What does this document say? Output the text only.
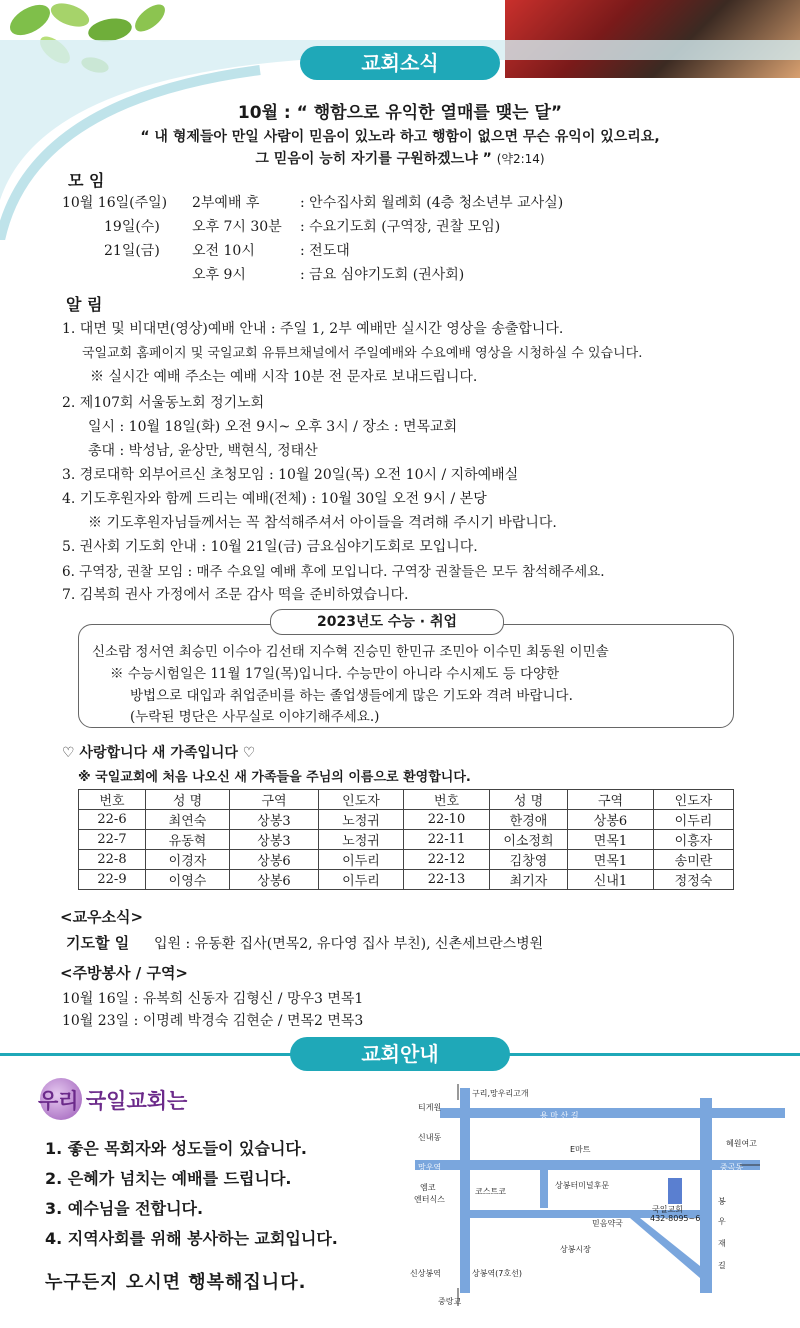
교회소식
10월 : “ 행함으로 유익한 열매를 맺는 달”
“ 내 형제들아 만일 사람이 믿음이 있노라 하고 행함이 없으면 무슨 유익이 있으리요,
그 믿음이 능히 자기를 구원하겠느냐 ” (약2:14)
모 임
10월 16일(주일) 2부예배 후	: 안수집사회 월례회 (4층 청소년부 교사실)
19일(수) 오후 7시 30분 : 수요기도회 (구역장, 권찰 모임)
21일(금) 오전 10시	: 전도대
오후 9시	: 금요 심야기도회 (권사회)
알 림
1. 대면 및 비대면(영상)예배 안내 : 주일 1, 2부 예배만 실시간 영상을 송출합니다.
국일교회 홈페이지 및 국일교회 유튜브채널에서 주일예배와 수요예배 영상을 시청하실 수 있습니다.
※ 실시간 예배 주소는 예배 시작 10분 전 문자로 보내드립니다.
2. 제107회 서울동노회 정기노회
일시 : 10월 18일(화) 오전 9시~ 오후 3시 / 장소 : 면목교회
총대 : 박성남, 윤상만, 백현식, 정태산
3. 경로대학 외부어르신 초청모임 : 10월 20일(목) 오전 10시 / 지하예배실
4. 기도후원자와 함께 드리는 예배(전체) : 10월 30일 오전 9시 / 본당
※ 기도후원자님들께서는 꼭 참석해주셔서 아이들을 격려해 주시기 바랍니다.
5. 권사회 기도회 안내 : 10월 21일(금) 금요심야기도회로 모입니다.
6. 구역장, 권찰 모임 : 매주 수요일 예배 후에 모입니다. 구역장 권찰들은 모두 참석해주세요.
7. 김복희 권사 가정에서 조문 감사 떡을 준비하였습니다.
2023년도 수능 · 취업
신소람 정서연 최승민 이수아 김선태 지수혁 진승민 한민규 조민아 이수민 최동원 이민솔
※ 수능시험일은 11월 17일(목)입니다. 수능만이 아니라 수시제도 등 다양한
방법으로 대입과 취업준비를 하는 졸업생들에게 많은 기도와 격려 바랍니다.
(누락된 명단은 사무실로 이야기해주세요.)
♡ 사랑합니다 새 가족입니다 ♡
※ 국일교회에 처음 나오신 새 가족들을 주님의 이름으로 환영합니다.
번호	성 명	구역	인도자	번호	성 명	구역	인도자
22-6	최연숙	상봉3	노정귀	22-10	한경애	상봉6	이두리
22-7	유동혁	상봉3	노정귀	22-11	이소정희	면목1	이흥자
22-8	이경자	상봉6	이두리	22-12	김창영	면목1	송미란
22-9	이영수	상봉6	이두리	22-13	최기자	신내1	정정숙
<교우소식>
기도할 일 입원 : 유동환 집사(면목2, 유다영 집사 부친), 신촌세브란스병원
<주방봉사 / 구역>
10월 16일 : 유복희 신동자 김형신 / 망우3 면목1
10월 23일 : 이명례 박경숙 김현순 / 면목2 면목3
교회안내
우리 국일교회는
1. 좋은 목회자와 성도들이 있습니다.
2. 은혜가 넘치는 예배를 드립니다.
3. 예수님을 전합니다.
4. 지역사회를 위해 봉사하는 교회입니다.
누구든지 오시면 행복해집니다.
티게원
구리,망우리고개
용 마 산 길
신내동
혜원여고
E마트
망우역	중곡동
엠코
엔터식스
코스트코
상봉터미널후문
국일교회
432-8095~6
믿음약국
봉
우
재
길
상봉시장
신상봉역	상봉역(7호선)
중랑교
